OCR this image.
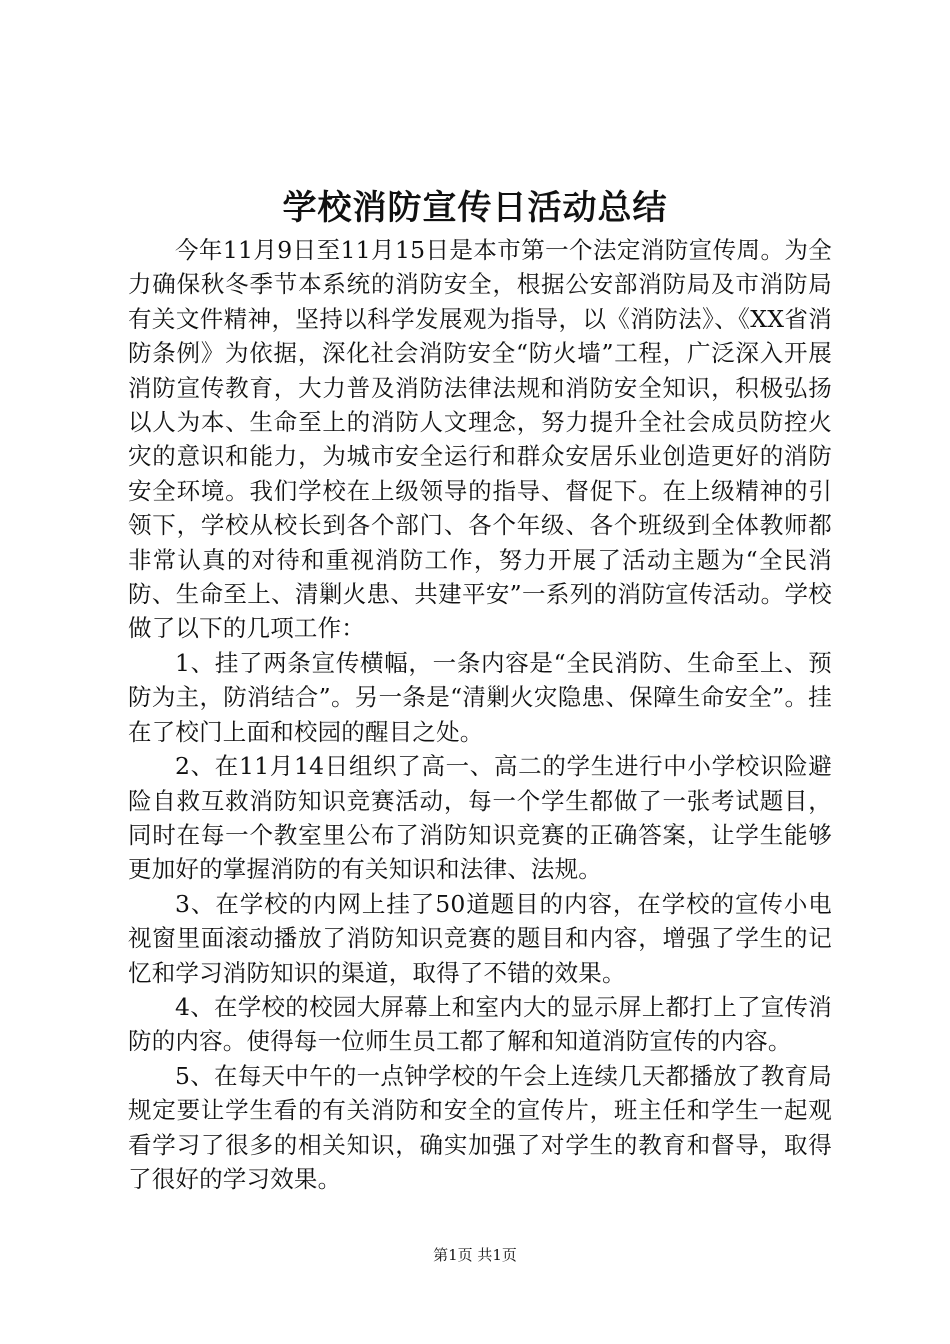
学校消防宣传日活动总结

今年11月9日至11月15日是本市第一个法定消防宣传周。为全力确保秋冬季节本系统的消防安全，根据公安部消防局及市消防局有关文件精神，坚持以科学发展观为指导，以《消防法》、《XX省消防条例》为依据，深化社会消防安全“防火墙”工程，广泛深入开展消防宣传教育，大力普及消防法律法规和消防安全知识，积极弘扬以人为本、生命至上的消防人文理念，努力提升全社会成员防控火灾的意识和能力，为城市安全运行和群众安居乐业创造更好的消防安全环境。我们学校在上级领导的指导、督促下。在上级精神的引领下，学校从校长到各个部门、各个年级、各个班级到全体教师都非常认真的对待和重视消防工作，努力开展了活动主题为“全民消防、生命至上、清剿火患、共建平安”一系列的消防宣传活动。学校做了以下的几项工作：

1、挂了两条宣传横幅，一条内容是“全民消防、生命至上、预防为主，防消结合”。另一条是“清剿火灾隐患、保障生命安全”。挂在了校门上面和校园的醒目之处。

2、在11月14日组织了高一、高二的学生进行中小学校识险避险自救互救消防知识竞赛活动，每一个学生都做了一张考试题目，同时在每一个教室里公布了消防知识竞赛的正确答案，让学生能够更加好的掌握消防的有关知识和法律、法规。

3、在学校的内网上挂了50道题目的内容，在学校的宣传小电视窗里面滚动播放了消防知识竞赛的题目和内容，增强了学生的记忆和学习消防知识的渠道，取得了不错的效果。

4、在学校的校园大屏幕上和室内大的显示屏上都打上了宣传消防的内容。使得每一位师生员工都了解和知道消防宣传的内容。

5、在每天中午的一点钟学校的午会上连续几天都播放了教育局规定要让学生看的有关消防和安全的宣传片，班主任和学生一起观看学习了很多的相关知识，确实加强了对学生的教育和督导，取得了很好的学习效果。

第1页 共1页
